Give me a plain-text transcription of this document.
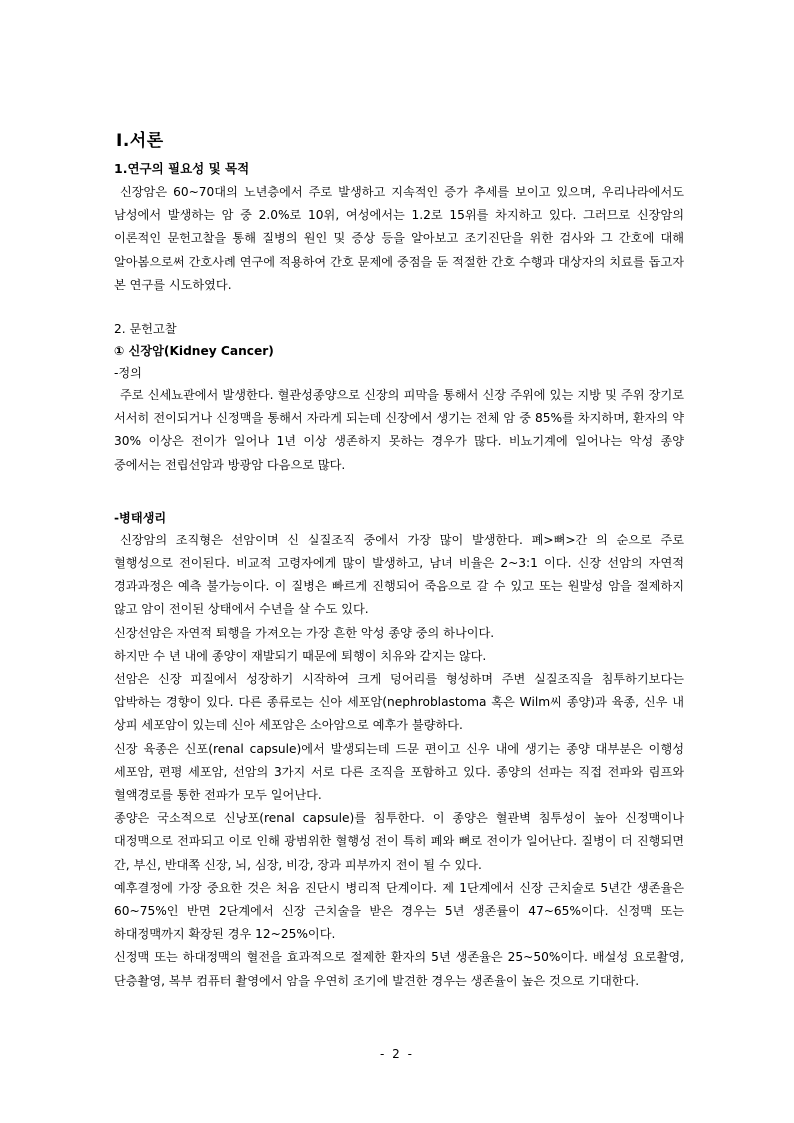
Ⅰ.서론
1.연구의 필요성 및 목적

신장암은 60~70대의 노년층에서 주로 발생하고 지속적인 증가 추세를 보이고 있으며, 우리나라에서도 남성에서 발생하는 암 중 2.0%로 10위, 여성에서는 1.2로 15위를 차지하고 있다. 그러므로 신장암의 이론적인 문헌고찰을 통해 질병의 원인 및 증상 등을 알아보고 조기진단을 위한 검사와 그 간호에 대해 알아봄으로써 간호사례 연구에 적용하여 간호 문제에 중점을 둔 적절한 간호 수행과 대상자의 치료를 돕고자 본 연구를 시도하였다.

2. 문헌고찰
① 신장암(Kidney Cancer)
-정의

주로 신세뇨관에서 발생한다. 혈관성종양으로 신장의 피막을 통해서 신장 주위에 있는 지방 및 주위 장기로 서서히 전이되거나 신정맥을 통해서 자라게 되는데 신장에서 생기는 전체 암 중 85%를 차지하며, 환자의 약 30% 이상은 전이가 일어나 1년 이상 생존하지 못하는 경우가 많다. 비뇨기계에 일어나는 악성 종양 중에서는 전립선암과 방광암 다음으로 많다.

-병태생리

신장암의 조직형은 선암이며 신 실질조직 중에서 가장 많이 발생한다. 폐>뼈>간 의 순으로 주로 혈행성으로 전이된다. 비교적 고령자에게 많이 발생하고, 남녀 비율은 2~3:1 이다. 신장 선암의 자연적 경과과정은 예측 불가능이다. 이 질병은 빠르게 진행되어 죽음으로 갈 수 있고 또는 원발성 암을 절제하지 않고 암이 전이된 상태에서 수년을 살 수도 있다.

신장선암은 자연적 퇴행을 가져오는 가장 흔한 악성 종양 중의 하나이다.

하지만 수 년 내에 종양이 재발되기 때문에 퇴행이 치유와 같지는 않다.

선암은 신장 피질에서 성장하기 시작하여 크게 덩어리를 형성하며 주변 실질조직을 침투하기보다는 압박하는 경향이 있다. 다른 종류로는 신아 세포암(nephroblastoma 혹은 Wilm씨 종양)과 육종, 신우 내 상피 세포암이 있는데 신아 세포암은 소아암으로 예후가 불량하다.

신장 육종은 신포(renal capsule)에서 발생되는데 드문 편이고 신우 내에 생기는 종양 대부분은 이행성 세포암, 편평 세포암, 선암의 3가지 서로 다른 조직을 포함하고 있다. 종양의 선파는 직접 전파와 림프와 혈액경로를 통한 전파가 모두 일어난다.

종양은 국소적으로 신낭포(renal capsule)를 침투한다. 이 종양은 혈관벽 침투성이 높아 신정맥이나 대정맥으로 전파되고 이로 인해 광범위한 혈행성 전이 특히 폐와 뼈로 전이가 일어난다. 질병이 더 진행되면 간, 부신, 반대쪽 신장, 뇌, 심장, 비강, 장과 피부까지 전이 될 수 있다.

예후결정에 가장 중요한 것은 처음 진단시 병리적 단계이다. 제 1단계에서 신장 근치술로 5년간 생존율은 60~75%인 반면 2단계에서 신장 근치술을 받은 경우는 5년 생존률이 47~65%이다. 신정맥 또는 하대정맥까지 확장된 경우 12~25%이다.

신정맥 또는 하대정맥의 혈전을 효과적으로 절제한 환자의 5년 생존율은 25~50%이다. 배설성 요로촬영, 단층촬영, 복부 컴퓨터 촬영에서 암을 우연히 조기에 발견한 경우는 생존율이 높은 것으로 기대한다.

- 2 -
